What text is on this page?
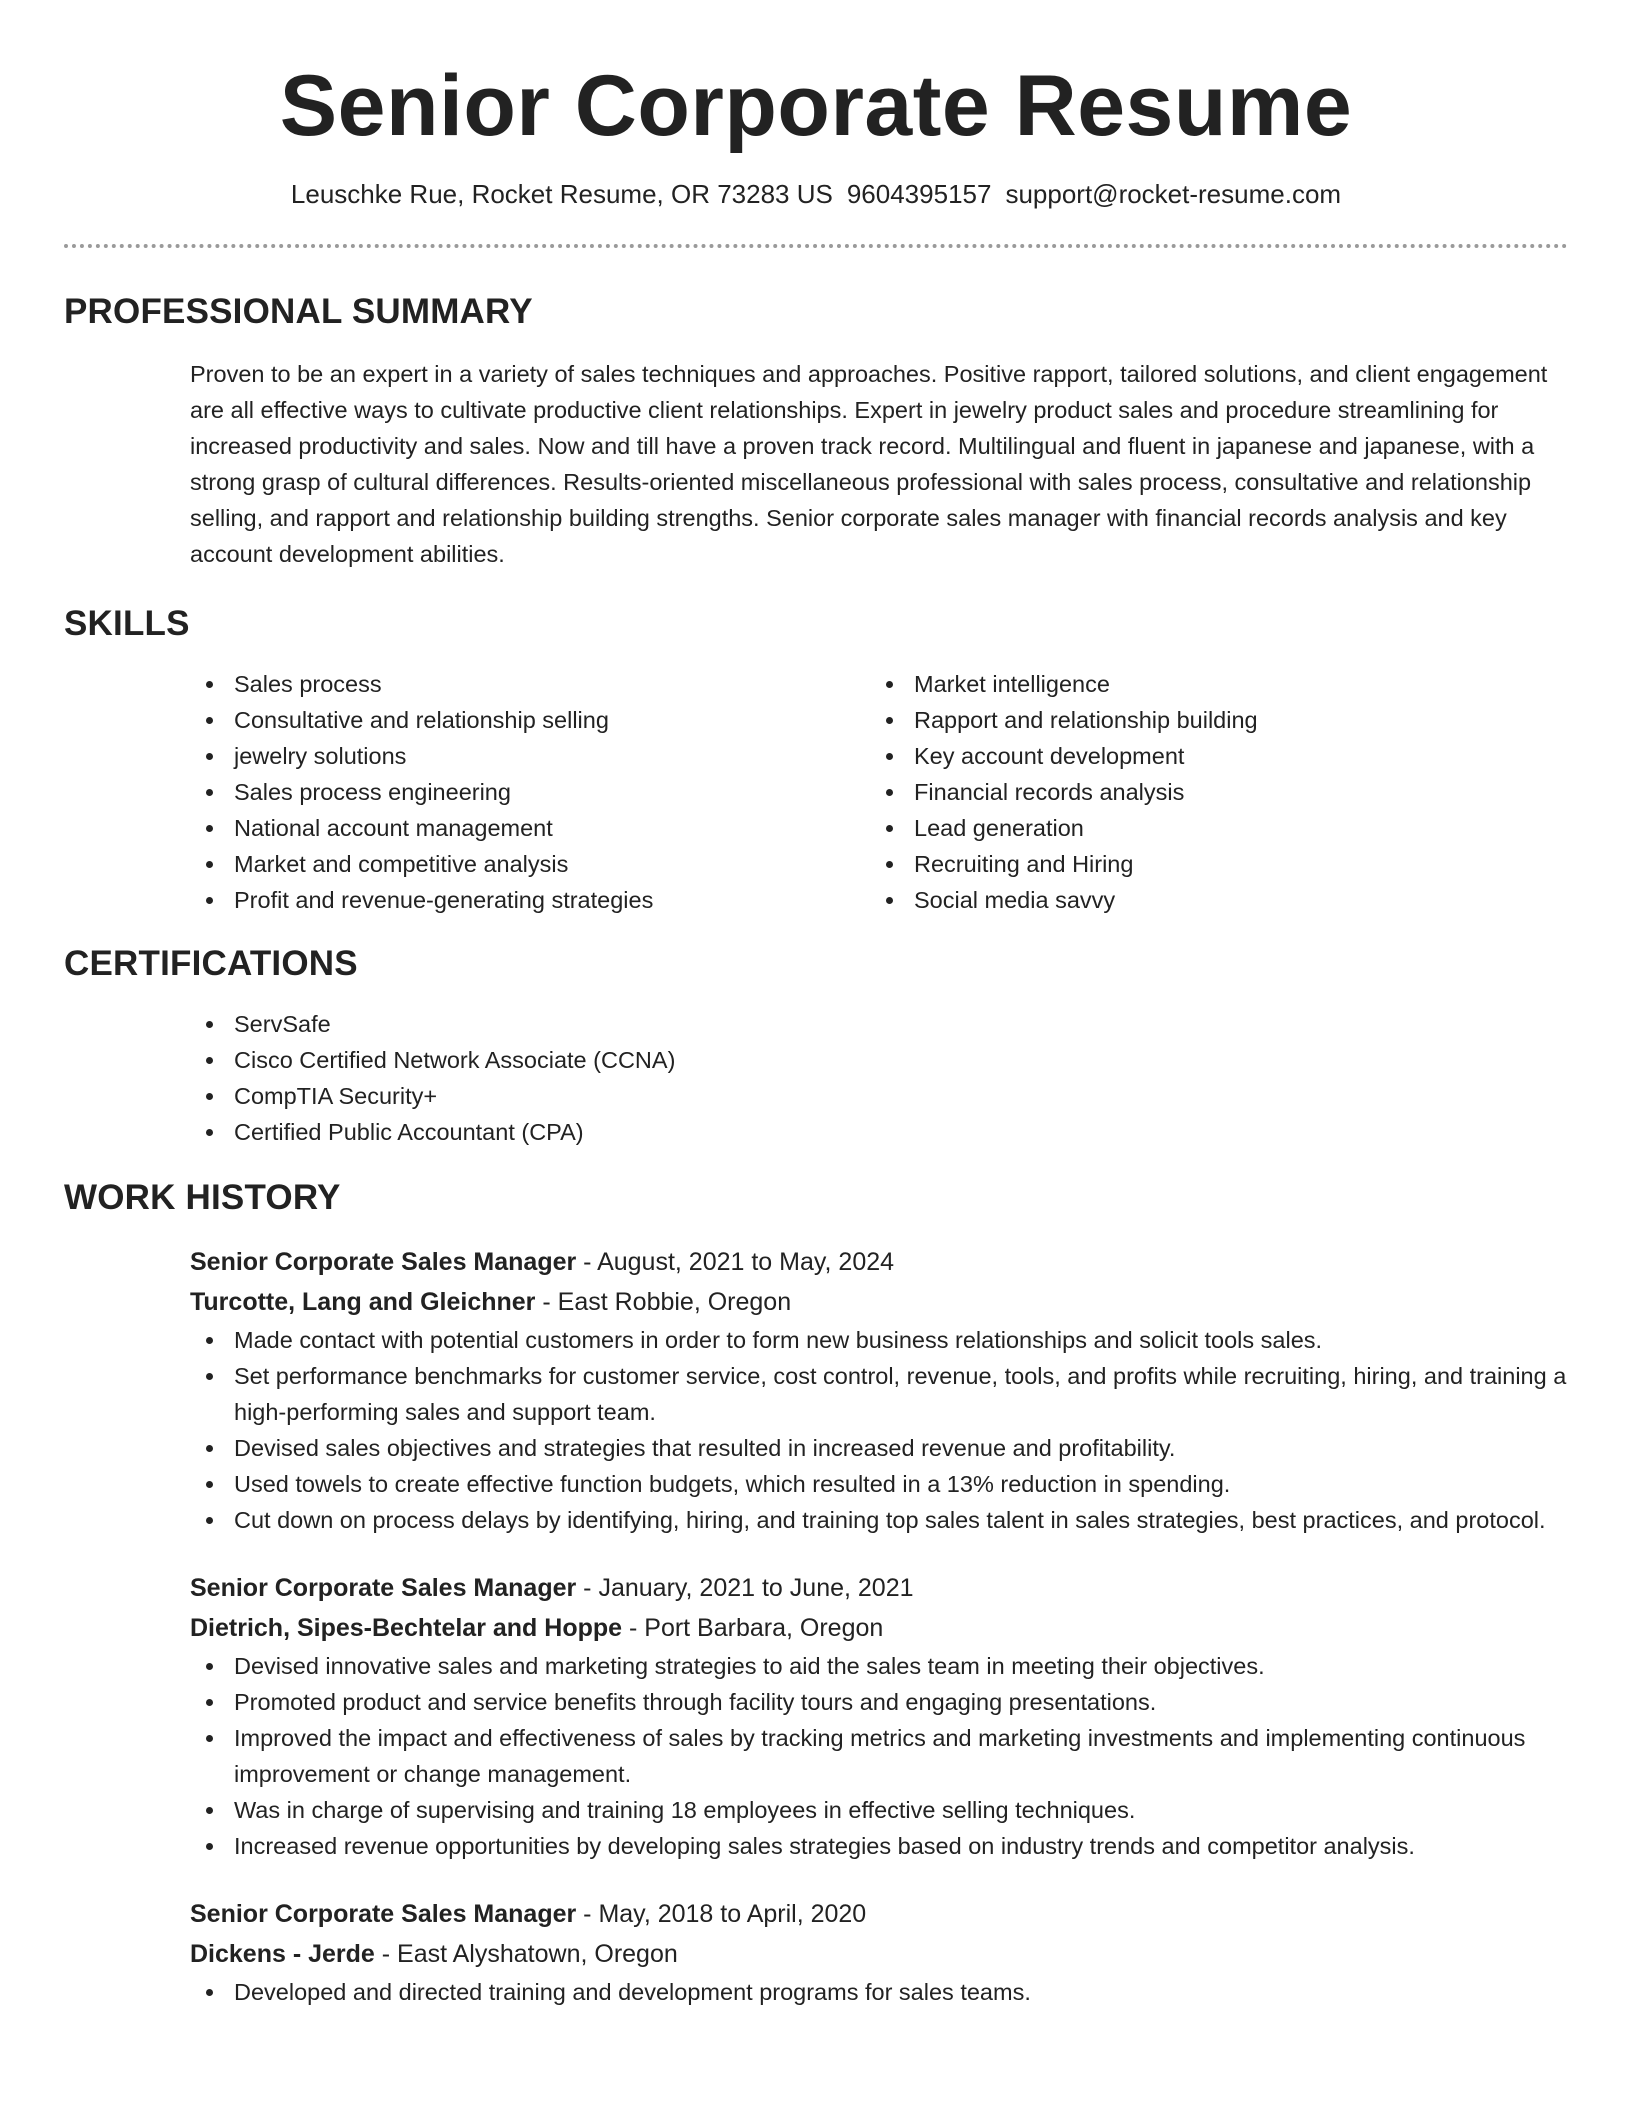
Senior Corporate Resume
Leuschke Rue, Rocket Resume, OR 73283 US 9604395157 support@rocket-resume.com
PROFESSIONAL SUMMARY
Proven to be an expert in a variety of sales techniques and approaches. Positive rapport, tailored solutions, and client engagement are all effective ways to cultivate productive client relationships. Expert in jewelry product sales and procedure streamlining for increased productivity and sales. Now and till have a proven track record. Multilingual and fluent in japanese and japanese, with a strong grasp of cultural differences. Results-oriented miscellaneous professional with sales process, consultative and relationship selling, and rapport and relationship building strengths. Senior corporate sales manager with financial records analysis and key account development abilities.
SKILLS
Sales process
Consultative and relationship selling
jewelry solutions
Sales process engineering
National account management
Market and competitive analysis
Profit and revenue-generating strategies
Market intelligence
Rapport and relationship building
Key account development
Financial records analysis
Lead generation
Recruiting and Hiring
Social media savvy
CERTIFICATIONS
ServSafe
Cisco Certified Network Associate (CCNA)
CompTIA Security+
Certified Public Accountant (CPA)
WORK HISTORY
Senior Corporate Sales Manager - August, 2021 to May, 2024
Turcotte, Lang and Gleichner - East Robbie, Oregon
Made contact with potential customers in order to form new business relationships and solicit tools sales.
Set performance benchmarks for customer service, cost control, revenue, tools, and profits while recruiting, hiring, and training a high-performing sales and support team.
Devised sales objectives and strategies that resulted in increased revenue and profitability.
Used towels to create effective function budgets, which resulted in a 13% reduction in spending.
Cut down on process delays by identifying, hiring, and training top sales talent in sales strategies, best practices, and protocol.
Senior Corporate Sales Manager - January, 2021 to June, 2021
Dietrich, Sipes-Bechtelar and Hoppe - Port Barbara, Oregon
Devised innovative sales and marketing strategies to aid the sales team in meeting their objectives.
Promoted product and service benefits through facility tours and engaging presentations.
Improved the impact and effectiveness of sales by tracking metrics and marketing investments and implementing continuous improvement or change management.
Was in charge of supervising and training 18 employees in effective selling techniques.
Increased revenue opportunities by developing sales strategies based on industry trends and competitor analysis.
Senior Corporate Sales Manager - May, 2018 to April, 2020
Dickens - Jerde - East Alyshatown, Oregon
Developed and directed training and development programs for sales teams.
